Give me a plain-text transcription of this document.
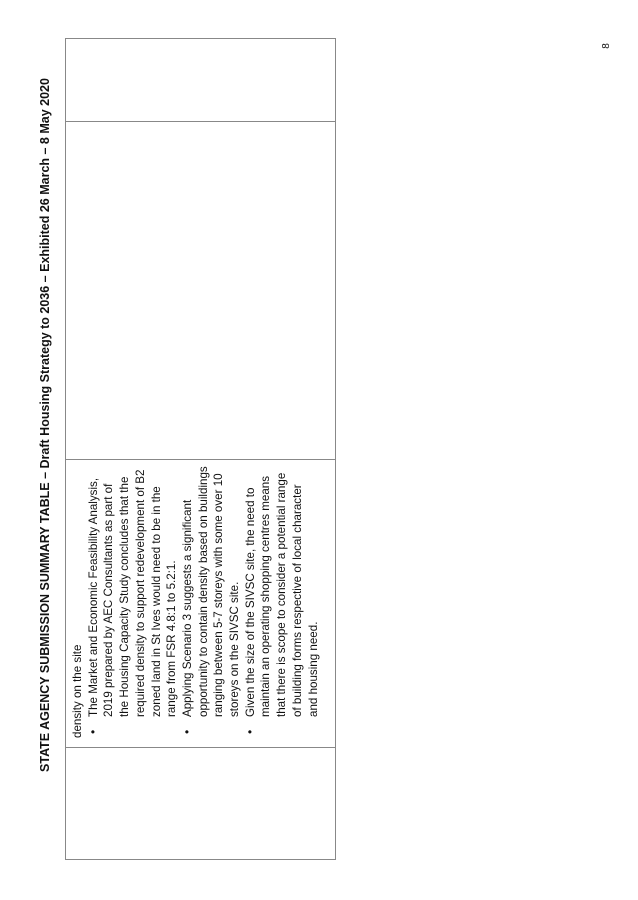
STATE AGENCY SUBMISSION SUMMARY TABLE – Draft Housing Strategy to 2036 – Exhibited 26 March – 8 May 2020 density on the site • The Market and Economic Feasibility Analysis, 2019 prepared by AEC Consultants as part of the Housing Capacity Study concludes that the required density to support redevelopment of B2 zoned land in St Ives would need to be in the range from FSR 4.8:1 to 5.2:1. • Applying Scenario 3 suggests a significant opportunity to contain density based on buildings ranging between 5-7 storeys with some over 10 storeys on the SIVSC site. • Given the size of the SIVSC site, the need to maintain an operating shopping centres means that there is scope to consider a potential range of building forms respective of local character and housing need.
8
